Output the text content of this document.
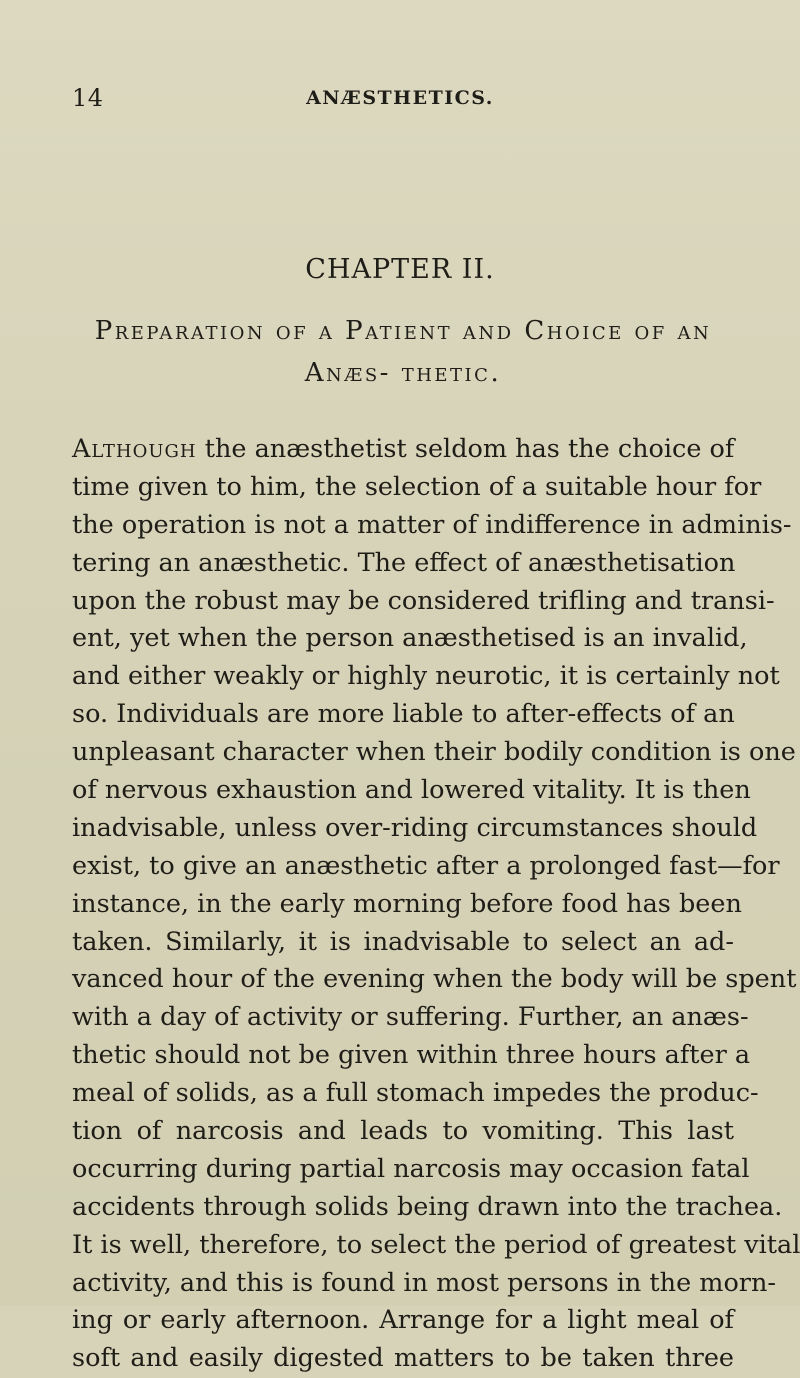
14	ANÆSTHETICS.
CHAPTER II.
Preparation of a Patient and Choice of an Anæs- thetic.
Although the anæsthetist seldom has the choice of
time given to him, the selection of a suitable hour for
the operation is not a matter of indifference in adminis-
tering an anæsthetic. The effect of anæsthetisation
upon the robust may be considered trifling and transi-
ent, yet when the person anæsthetised is an invalid,
and either weakly or highly neurotic, it is certainly not
so. Individuals are more liable to after-effects of an
unpleasant character when their bodily condition is one
of nervous exhaustion and lowered vitality. It is then
inadvisable, unless over-riding circumstances should
exist, to give an anæsthetic after a prolonged fast—for
instance, in the early morning before food has been
taken. Similarly, it is inadvisable to select an ad-
vanced hour of the evening when the body will be spent
with a day of activity or suffering. Further, an anæs-
thetic should not be given within three hours after a
meal of solids, as a full stomach impedes the produc-
tion of narcosis and leads to vomiting. This last
occurring during partial narcosis may occasion fatal
accidents through solids being drawn into the trachea.
It is well, therefore, to select the period of greatest vital
activity, and this is found in most persons in the morn-
ing or early afternoon. Arrange for a light meal of
soft and easily digested matters to be taken three
